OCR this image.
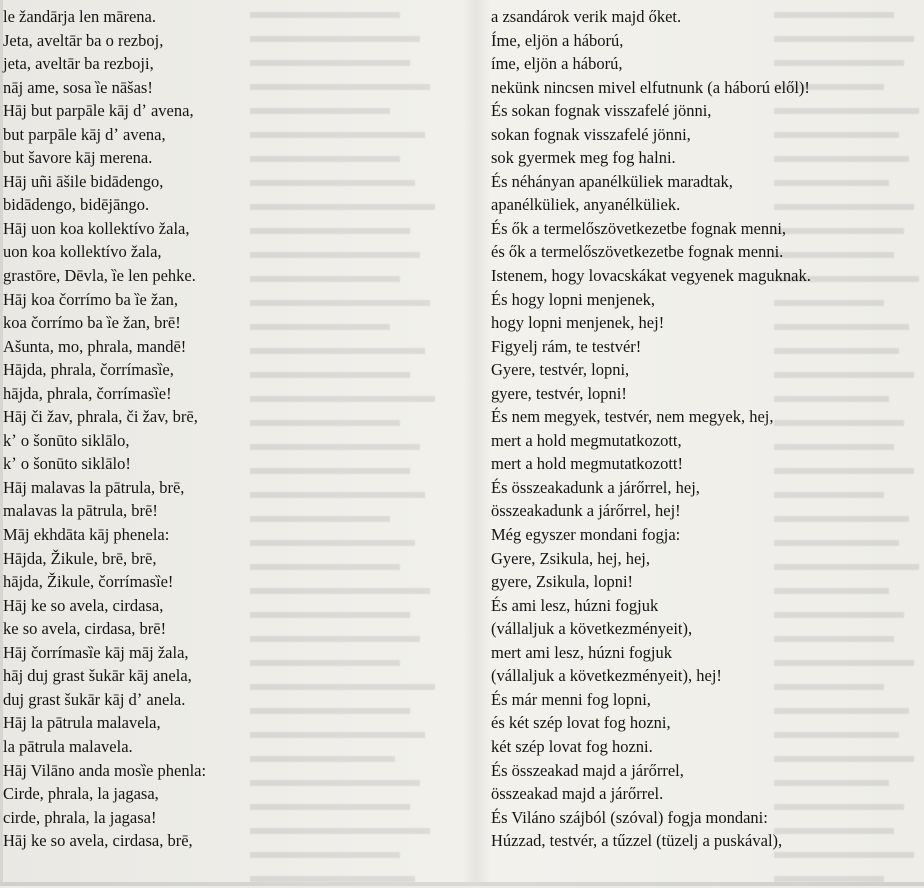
le žandārja len mārena.
Jeta, aveltār ba o rezboj,
jeta, aveltār ba rezboji,
nāj ame, sosa ȉe nāšas!
Hāj but parpāle kāj dʼ avena,
but parpāle kāj dʼ avena,
but šavore kāj merena.
Hāj uñi āšile bidādengo,
bidādengo, bidējāngo.
Hāj uon koa kollektívo žala,
uon koa kollektívo žala,
grastōre, Dēvla, ȉe len pehke.
Hāj koa čorrímo ba ȉe žan,
koa čorrímo ba ȉe žan, brē!
Ašunta, mo, phrala, mandē!
Hājda, phrala, čorrímasȉe,
hājda, phrala, čorrímasȉe!
Hāj či žav, phrala, či žav, brē,
kʼ o šonūto siklālo,
kʼ o šonūto siklālo!
Hāj malavas la pātrula, brē,
malavas la pātrula, brē!
Māj ekhdāta kāj phenela:
Hājda, Žikule, brē, brē,
hājda, Žikule, čorrímasȉe!
Hāj ke so avela, cirdasa,
ke so avela, cirdasa, brē!
Hāj čorrímasȉe kāj māj žala,
hāj duj grast šukār kāj anela,
duj grast šukār kāj dʼ anela.
Hāj la pātrula malavela,
la pātrula malavela.
Hāj Vilāno anda mosȉe phenla:
Cirde, phrala, la jagasa,
cirde, phrala, la jagasa!
Hāj ke so avela, cirdasa, brē,
a zsandárok verik majd őket.
Íme, eljön a háború,
íme, eljön a háború,
nekünk nincsen mivel elfutnunk (a háború elől)!
És sokan fognak visszafelé jönni,
sokan fognak visszafelé jönni,
sok gyermek meg fog halni.
És néhányan apanélküliek maradtak,
apanélküliek, anyanélküliek.
És ők a termelőszövetkezetbe fognak menni,
és ők a termelőszövetkezetbe fognak menni.
Istenem, hogy lovacskákat vegyenek maguknak.
És hogy lopni menjenek,
hogy lopni menjenek, hej!
Figyelj rám, te testvér!
Gyere, testvér, lopni,
gyere, testvér, lopni!
És nem megyek, testvér, nem megyek, hej,
mert a hold megmutatkozott,
mert a hold megmutatkozott!
És összeakadunk a járőrrel, hej,
összeakadunk a járőrrel, hej!
Még egyszer mondani fogja:
Gyere, Zsikula, hej, hej,
gyere, Zsikula, lopni!
És ami lesz, húzni fogjuk
(vállaljuk a következményeit),
mert ami lesz, húzni fogjuk
(vállaljuk a következményeit), hej!
És már menni fog lopni,
és két szép lovat fog hozni,
két szép lovat fog hozni.
És összeakad majd a járőrrel,
összeakad majd a járőrrel.
És Viláno szájból (szóval) fogja mondani:
Húzzad, testvér, a tűzzel (tüzelj a puskával),
